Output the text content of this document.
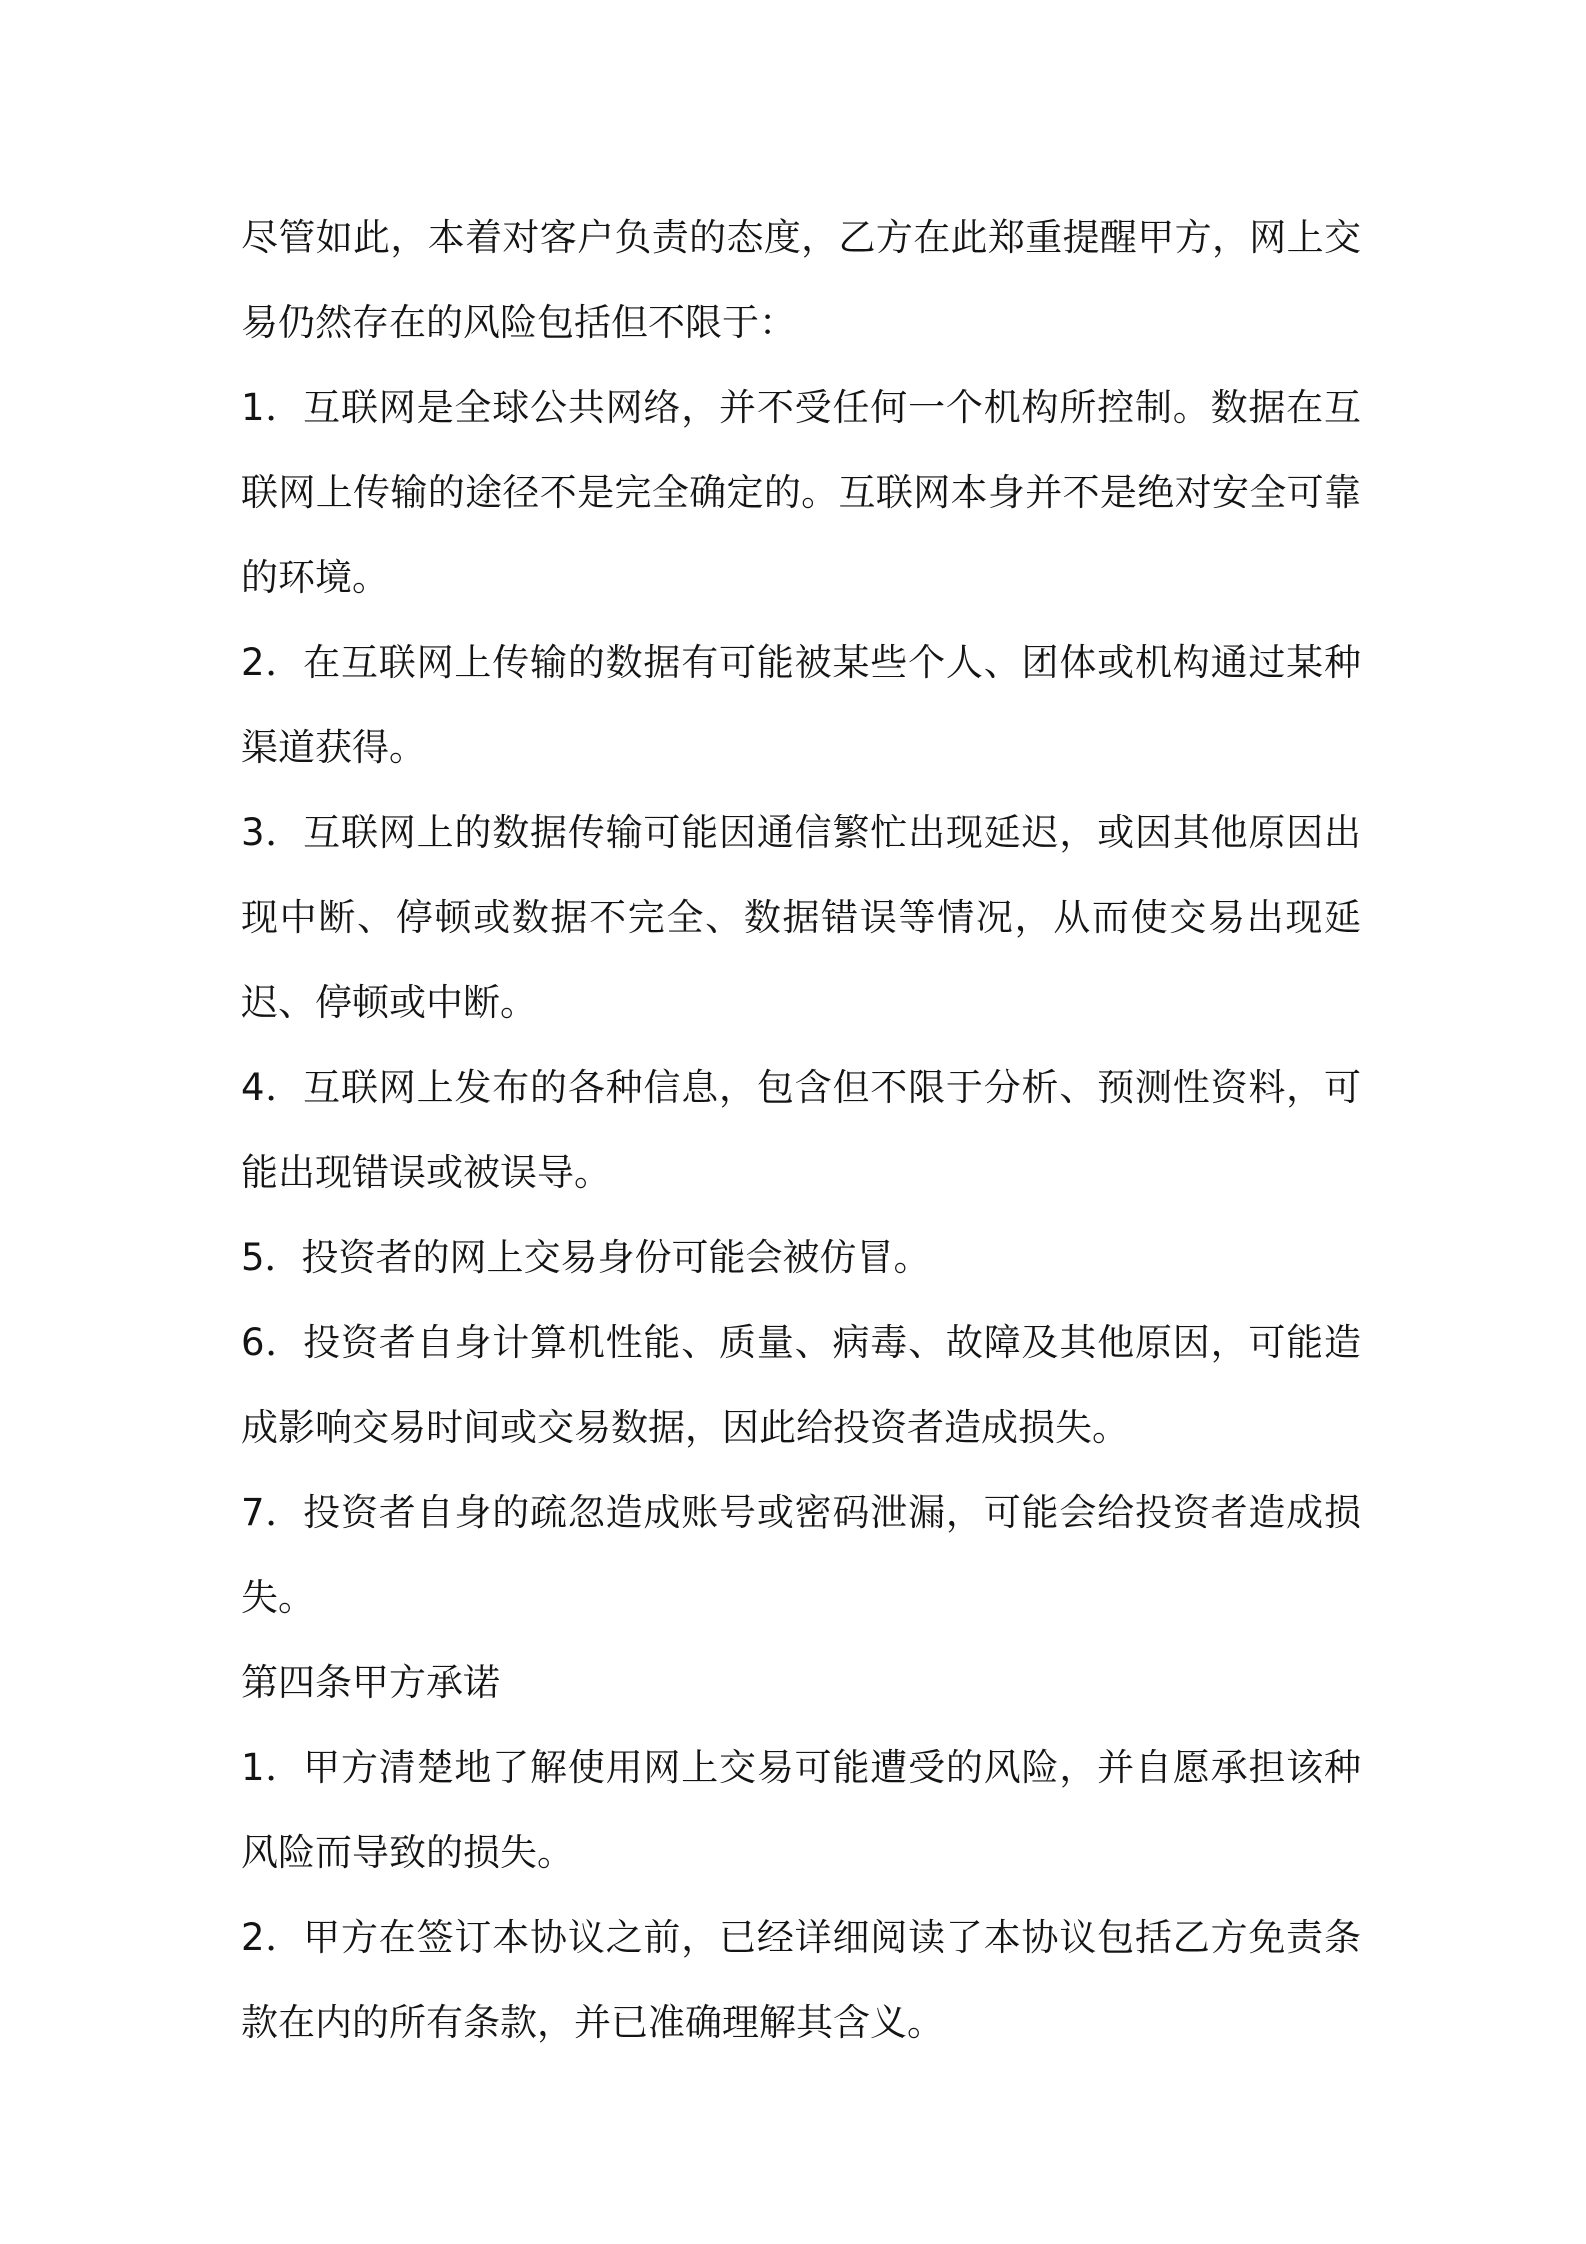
尽管如此，本着对客户负责的态度，乙方在此郑重提醒甲方，网上交易仍然存在的风险包括但不限于：

1．互联网是全球公共网络，并不受任何一个机构所控制。数据在互联网上传输的途径不是完全确定的。互联网本身并不是绝对安全可靠的环境。

2．在互联网上传输的数据有可能被某些个人、团体或机构通过某种渠道获得。

3．互联网上的数据传输可能因通信繁忙出现延迟，或因其他原因出现中断、停顿或数据不完全、数据错误等情况，从而使交易出现延迟、停顿或中断。

4．互联网上发布的各种信息，包含但不限于分析、预测性资料，可能出现错误或被误导。

5．投资者的网上交易身份可能会被仿冒。

6．投资者自身计算机性能、质量、病毒、故障及其他原因，可能造成影响交易时间或交易数据，因此给投资者造成损失。

7．投资者自身的疏忽造成账号或密码泄漏，可能会给投资者造成损失。

第四条甲方承诺

1．甲方清楚地了解使用网上交易可能遭受的风险，并自愿承担该种风险而导致的损失。

2．甲方在签订本协议之前，已经详细阅读了本协议包括乙方免责条款在内的所有条款，并已准确理解其含义。
